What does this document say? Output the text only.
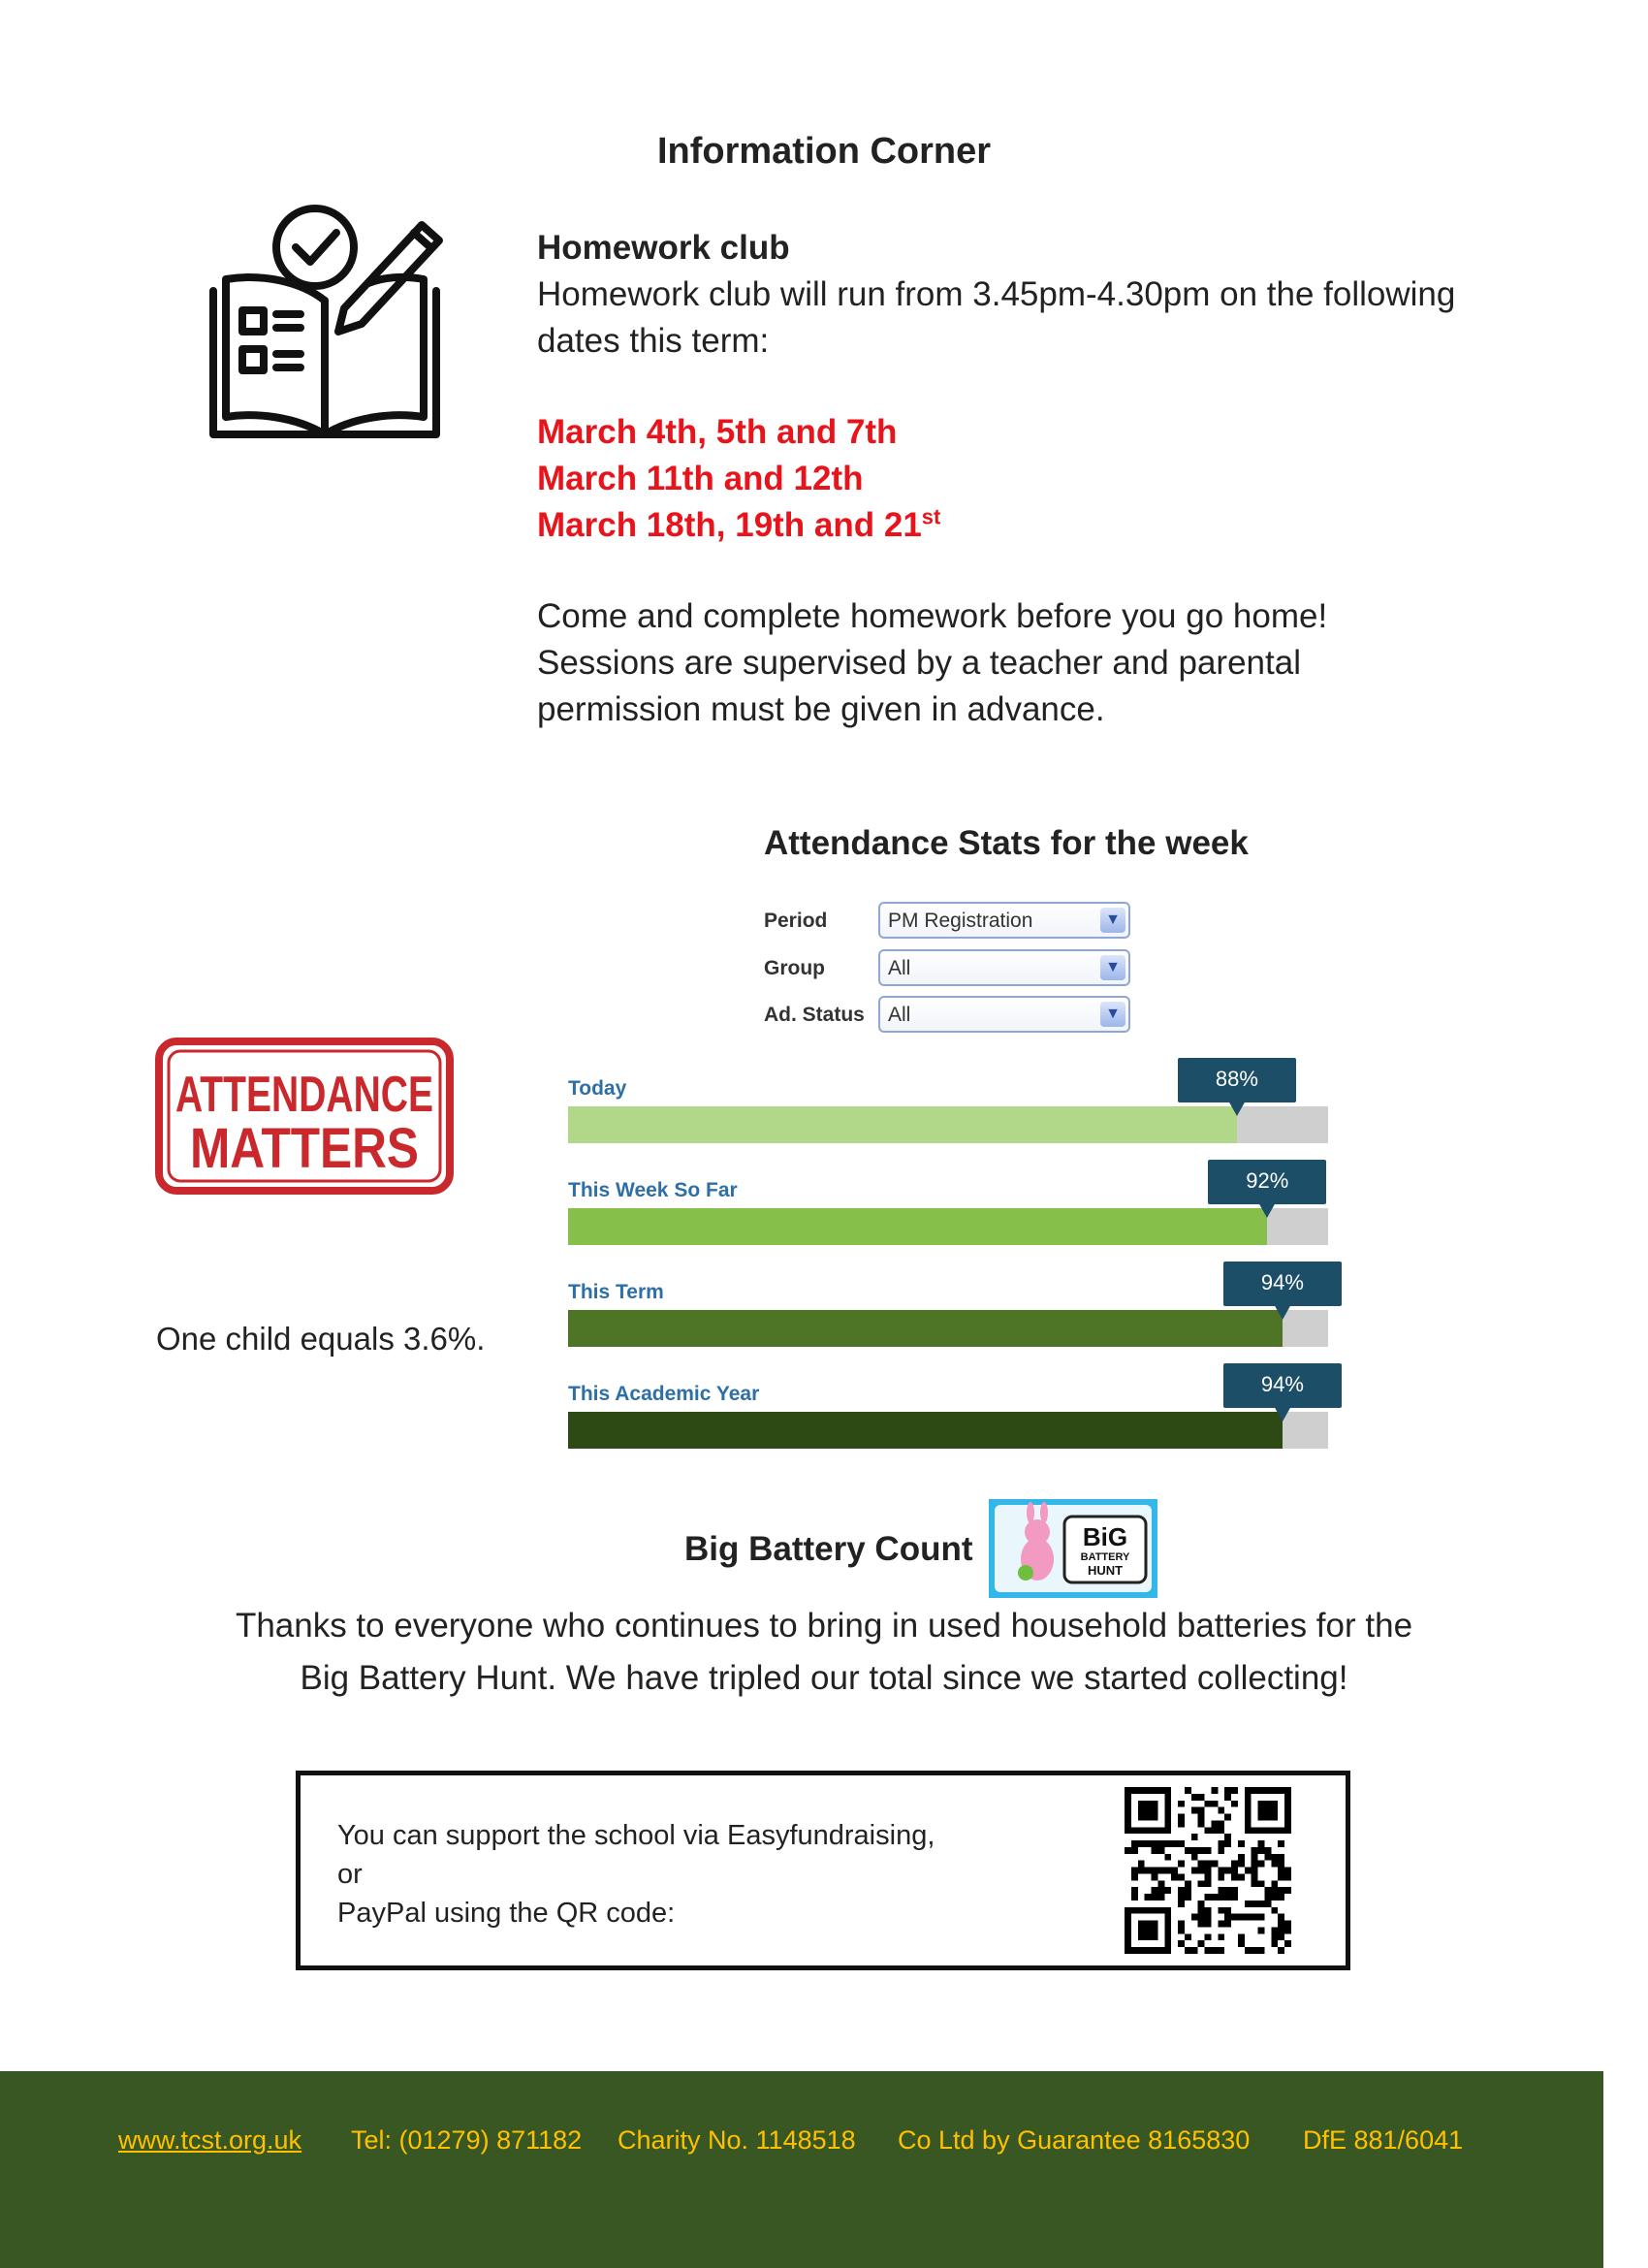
Information Corner
Homework club
Homework club will run from 3.45pm-4.30pm on the following dates this term:
March 4th, 5th and 7th
March 11th and 12th
March 18th, 19th and 21st
Come and complete homework before you go home! Sessions are supervised by a teacher and parental permission must be given in advance.
Attendance Stats for the week
Period	PM Registration	▼
Group	All	▼
Ad. Status	All	▼
ATTENDANCE
MATTERS
One child equals 3.6%.
Today	88%
This Week So Far	92%
This Term	94%
This Academic Year	94%
Big Battery Count	BiG
BATTERY
HUNT
Thanks to everyone who continues to bring in used household batteries for the Big Battery Hunt. We have tripled our total since we started collecting!
You can support the school via Easyfundraising,
or
PayPal using the QR code:
www.tcst.org.uk Tel: (01279) 871182 Charity No. 1148518 Co Ltd by Guarantee 8165830 DfE 881/6041
